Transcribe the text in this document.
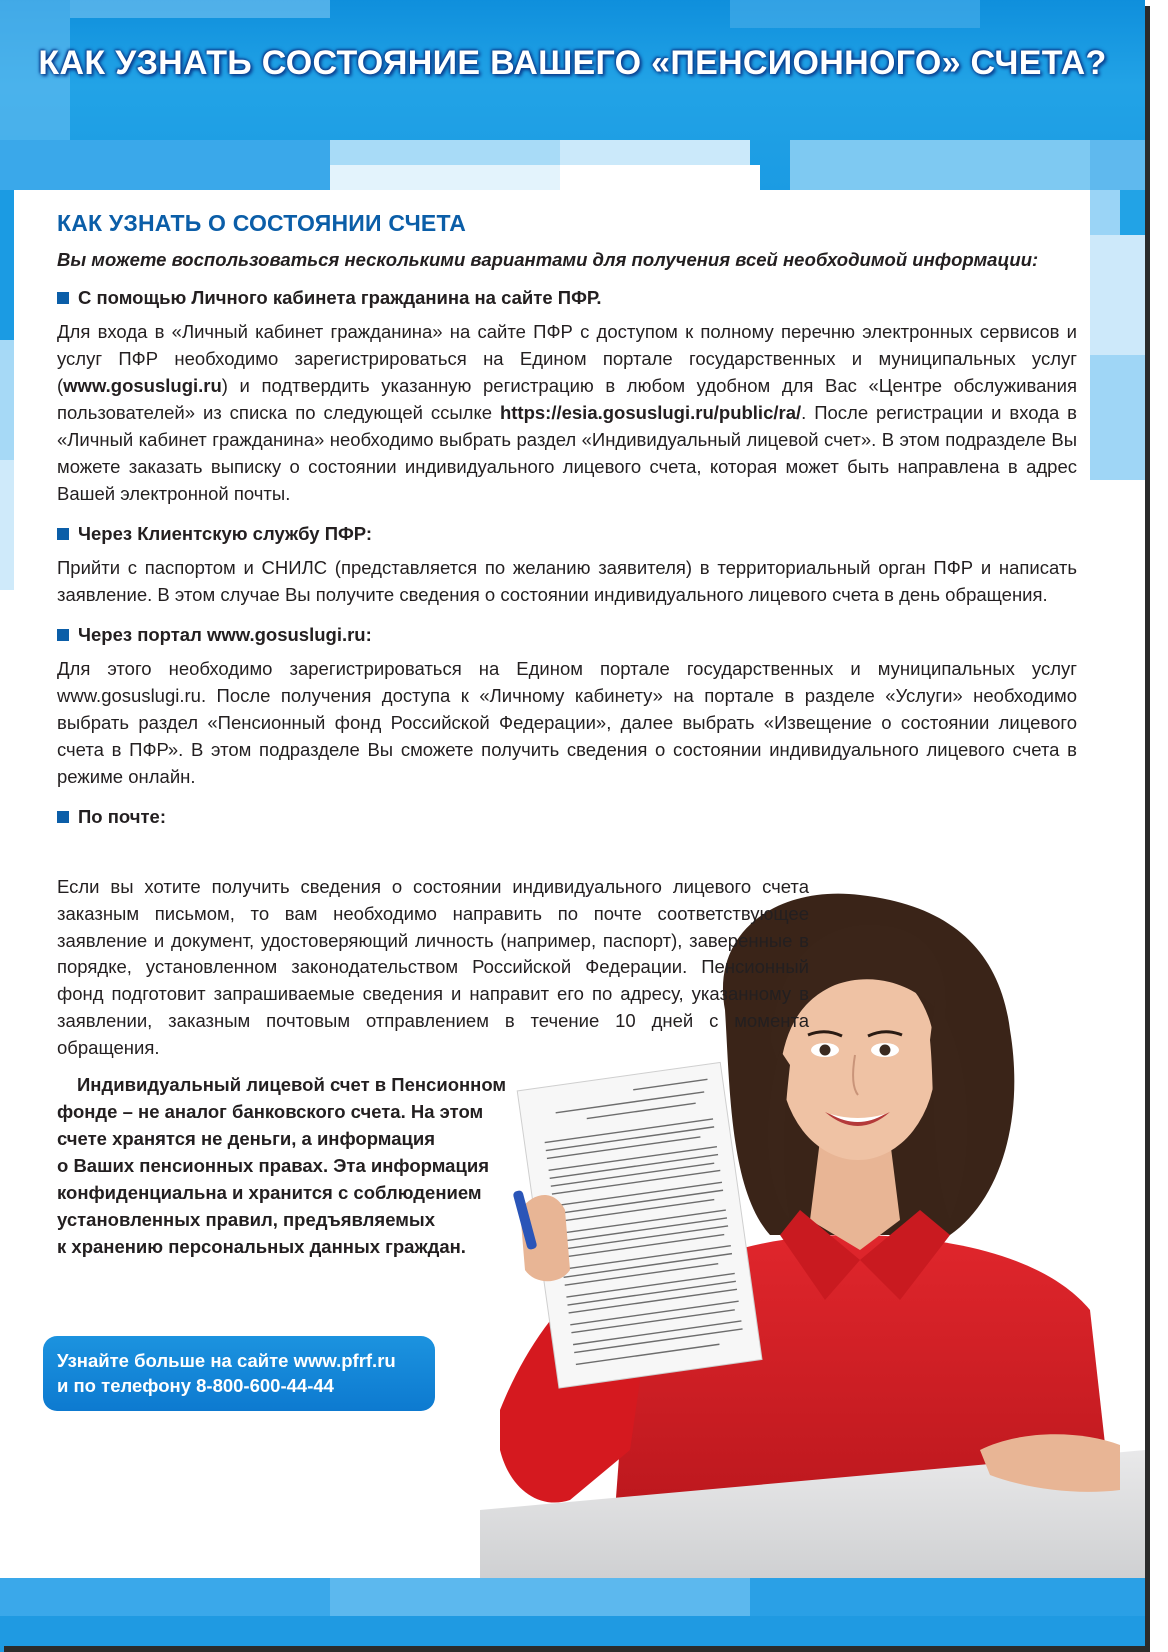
КАК УЗНАТЬ СОСТОЯНИЕ ВАШЕГО «ПЕНСИОННОГО» СЧЕТА?
КАК УЗНАТЬ О СОСТОЯНИИ СЧЕТА
Вы можете воспользоваться несколькими вариантами для получения всей необходимой информации:
С помощью Личного кабинета гражданина на сайте ПФР.

Для входа в «Личный кабинет гражданина» на сайте ПФР с доступом к полному перечню электронных сервисов и услуг ПФР необходимо зарегистрироваться на Едином портале государственных и муниципальных услуг (www.gosuslugi.ru) и подтвердить указанную регистрацию в любом удобном для Вас «Центре обслуживания пользователей» из списка по следующей ссылке https://esia.gosuslugi.ru/public/ra/. После регистрации и входа в «Личный кабинет гражданина» необходимо выбрать раздел «Индивидуальный лицевой счет». В этом подразделе Вы можете заказать выписку о состоянии индивидуального лицевого счета, которая может быть направлена в адрес Вашей электронной почты.

Через Клиентскую службу ПФР:

Прийти с паспортом и СНИЛС (представляется по желанию заявителя) в территориальный орган ПФР и написать заявление. В этом случае Вы получите сведения о состоянии индивидуального лицевого счета в день обращения.

Через портал www.gosuslugi.ru:

Для этого необходимо зарегистрироваться на Едином портале государственных и муниципальных услуг www.gosuslugi.ru. После получения доступа к «Личному кабинету» на портале в разделе «Услуги» необходимо выбрать раздел «Пенсионный фонд Российской Федерации», далее выбрать «Извещение о состоянии лицевого счета в ПФР». В этом подразделе Вы сможете получить сведения о состоянии индивидуального лицевого счета в режиме онлайн.

По почте:

Если вы хотите получить сведения о состоянии индивидуального лицевого счета заказным письмом, то вам необходимо направить по почте соответствующее заявление и документ, удостоверяющий личность (например, паспорт), заверенные в порядке, установленном законодательством Российской Федерации. Пенсионный фонд подготовит запрашиваемые сведения и направит его по адресу, указанному в заявлении, заказным почтовым отправлением в течение 10 дней с момента обращения.

Индивидуальный лицевой счет в Пенсионном
фонде – не аналог банковского счета. На этом
счете хранятся не деньги, а информация
о Ваших пенсионных правах. Эта информация
конфиденциальна и хранится с соблюдением
установленных правил, предъявляемых
к хранению персональных данных граждан.
Узнайте больше на сайте www.pfrf.ru
и по телефону 8-800-600-44-44
